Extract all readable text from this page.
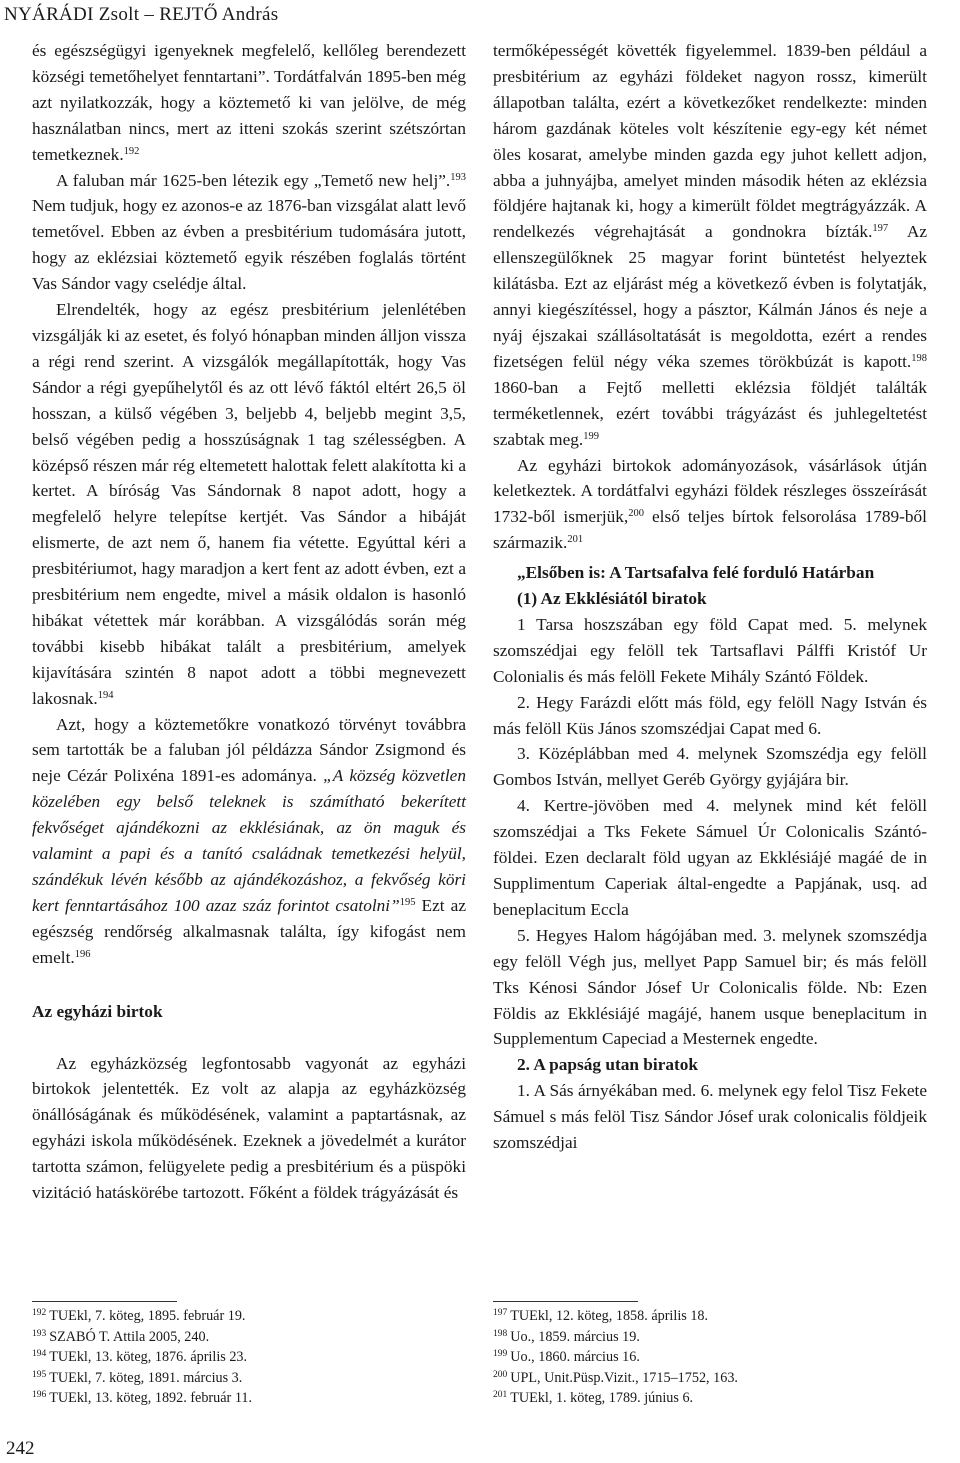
NYÁRÁDI Zsolt – REJTŐ András

és egészségügyi igenyeknek megfelelő, kellőleg berendezett községi temetőhelyet fenntartani”. Tordátfalván 1895-ben még azt nyilatkozzák, hogy a köztemető ki van jelölve, de még használatban nincs, mert az itteni szokás szerint szétszórtan temetkeznek.$^{192}$

A faluban már 1625-ben létezik egy „Temető new helj”.$^{193}$ Nem tudjuk, hogy ez azonos-e az 1876-ban vizsgálat alatt levő temetővel. Ebben az évben a presbitérium tudomására jutott, hogy az eklézsiai köztemető egyik részében foglalás történt Vas Sándor vagy cselédje által.

Elrendelték, hogy az egész presbitérium jelenlétében vizsgálják ki az esetet, és folyó hónapban minden álljon vissza a régi rend szerint. A vizsgálók megállapították, hogy Vas Sándor a régi gyepűhelytől és az ott lévő fáktól eltért 26,5 öl hosszan, a külső végében 3, beljebb 4, beljebb megint 3,5, belső végében pedig a hosszúságnak 1 tag szélességben. A középső részen már rég eltemetett halottak felett alakította ki a kertet. A bíróság Vas Sándornak 8 napot adott, hogy a megfelelő helyre telepítse kertjét. Vas Sándor a hibáját elismerte, de azt nem ő, hanem fia vétette. Egyúttal kéri a presbitériumot, hagy maradjon a kert fent az adott évben, ezt a presbitérium nem engedte, mivel a másik oldalon is hasonló hibákat vétettek már korábban. A vizsgálódás során még további kisebb hibákat talált a presbitérium, amelyek kijavítására szintén 8 napot adott a többi megnevezett lakosnak.$^{194}$

Azt, hogy a köztemetőkre vonatkozó törvényt továbbra sem tartották be a faluban jól példázza Sándor Zsigmond és neje Cézár Polixéna 1891-es adománya. „A község közvetlen közelében egy belső teleknek is számítható bekerített fekvőséget ajándékozni az ekklésiának, az ön maguk és valamint a papi és a tanító családnak temetkezési helyül, szándékuk lévén később az ajándékozáshoz, a fekvőség köri kert fenntartásához 100 azaz száz forintot csatolni”$^{195}$ Ezt az egészség rendőrség alkalmasnak találta, így kifogást nem emelt.$^{196}$

Az egyházi birtok

Az egyházközség legfontosabb vagyonát az egyházi birtokok jelentették. Ez volt az alapja az egyházközség önállóságának és működésének, valamint a paptartásnak, az egyházi iskola működésének. Ezeknek a jövedelmét a kurátor tartotta számon, felügyelete pedig a presbitérium és a püspöki vizitáció hatáskörébe tartozott. Főként a földek trágyázását és

termőképességét követték figyelemmel. 1839-ben például a presbitérium az egyházi földeket nagyon rossz, kimerült állapotban találta, ezért a következőket rendelkezte: minden három gazdának köteles volt készítenie egy-egy két német öles kosarat, amelybe minden gazda egy juhot kellett adjon, abba a juhnyájba, amelyet minden második héten az eklézsia földjére hajtanak ki, hogy a kimerült földet megtrágyázzák. A rendelkezés végrehajtását a gondnokra bízták.$^{197}$ Az ellenszegülőknek 25 magyar forint büntetést helyeztek kilátásba. Ezt az eljárást még a következő évben is folytatják, annyi kiegészítéssel, hogy a pásztor, Kálmán János és neje a nyáj éjszakai szállásoltatását is megoldotta, ezért a rendes fizetségen felül négy véka szemes törökbúzát is kapott.$^{198}$ 1860-ban a Fejtő melletti eklézsia földjét találták terméketlennek, ezért további trágyázást és juhlegeltetést szabtak meg.$^{199}$

Az egyházi birtokok adományozások, vásárlások útján keletkeztek. A tordátfalvi egyházi földek részleges összeírását 1732-ből ismerjük,$^{200}$ első teljes bírtok felsorolása 1789-ből származik.$^{201}$

„Elsőben is: A Tartsafalva felé forduló Határban

(1) Az Ekklésiától biratok

1 Tarsa hoszszában egy föld Capat med. 5. melynek szomszédjai egy felöll tek Tartsaflavi Pálffi Kristóf Ur Colonialis és más felöll Fekete Mihály Szántó Földek.

2. Hegy Farázdi előtt más föld, egy felöll Nagy István és más felöll Küs János szomszédjai Capat med 6.

3. Középlábban med 4. melynek Szomszédja egy felöll Gombos István, mellyet Geréb György gyjájára bir.

4. Kertre-jövöben med 4. melynek mind két felöll szomszédjai a Tks Fekete Sámuel Úr Colonicalis Szántó-földei. Ezen declaralt föld ugyan az Ekklésiájé magáé de in Supplimentum Caperiak által-engedte a Papjának, usq. ad beneplacitum Eccla

5. Hegyes Halom hágójában med. 3. melynek szomszédja egy felöll Végh jus, mellyet Papp Samuel bir; és más felöll Tks Kénosi Sándor Jósef Ur Colonicalis földe. Nb: Ezen Földis az Ekklésiájé magájé, hanem usque beneplacitum in Supplementum Capeciad a Mesternek engedte.

2. A papság utan biratok

1. A Sás árnyékában med. 6. melynek egy felol Tisz Fekete Sámuel s más felöl Tisz Sándor Jósef urak colonicalis földjeik szomszédjai

$^{192}$ TUEkl, 7. köteg, 1895. február 19.

$^{193}$ SZABÓ T. Attila 2005, 240.

$^{194}$ TUEkl, 13. köteg, 1876. április 23.

$^{195}$ TUEkl, 7. köteg, 1891. március 3.

$^{196}$ TUEkl, 13. köteg, 1892. február 11.

$^{197}$ TUEkl, 12. köteg, 1858. április 18.

$^{198}$ Uo., 1859. március 19.

$^{199}$ Uo., 1860. március 16.

$^{200}$ UPL, Unit.Püsp.Vizit., 1715–1752, 163.

$^{201}$ TUEkl, 1. köteg, 1789. június 6.

242
